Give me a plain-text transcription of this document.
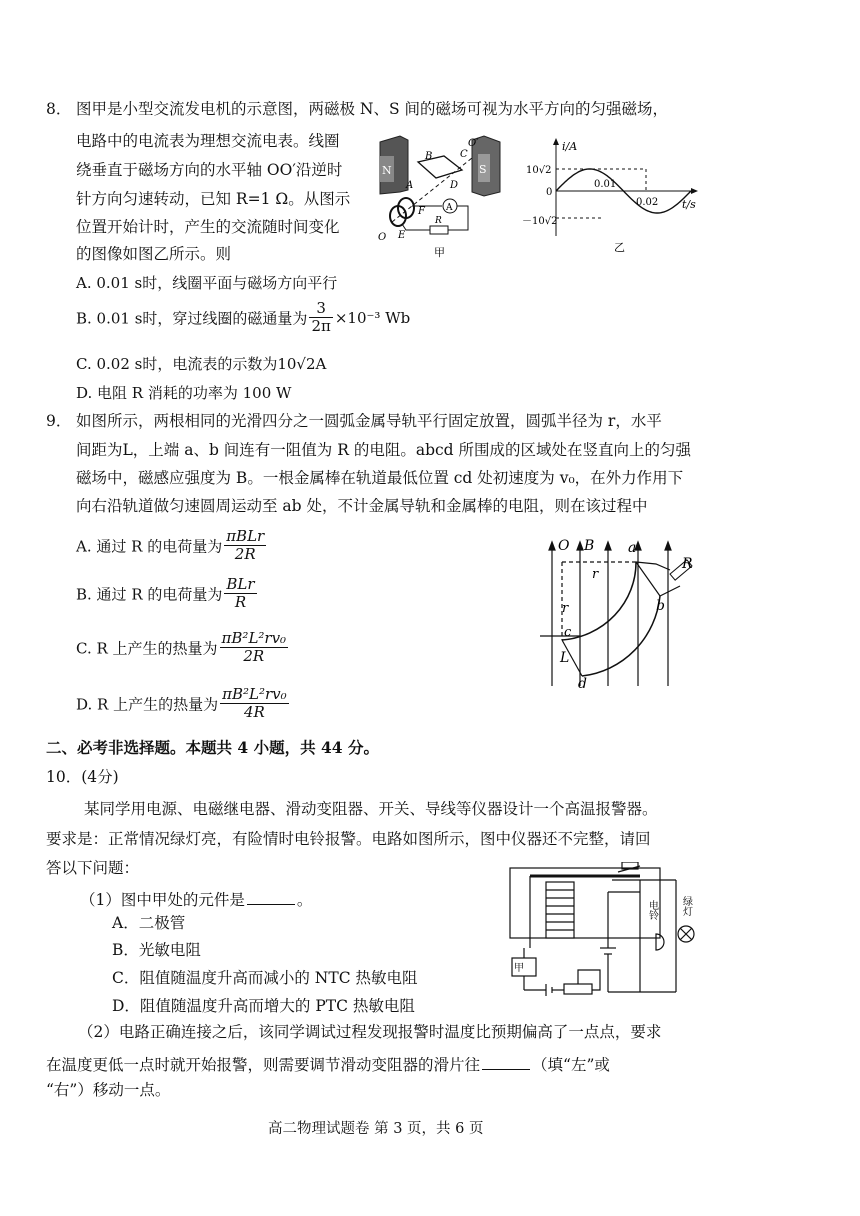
8． 图甲是小型交流发电机的示意图，两磁极 N、S 间的磁场可视为水平方向的匀强磁场，
电路中的电流表为理想交流电表。线圈
绕垂直于磁场方向的水平轴 OO′沿逆时
针方向匀速转动，已知 R=1 Ω。从图示
位置开始计时，产生的交流随时间变化
的图像如图乙所示。则
A. 0.01 s时，线圈平面与磁场方向平行
B. 0.01 s时，穿过线圈的磁通量为 $\frac{3}{2\pi} \times 10^{-3}$ Wb
C. 0.02 s时，电流表的示数为10√2A
D. 电阻 R 消耗的功率为 100 W
N	S
B	C
D
A
O′
O E
F A
R
甲
i/A
t/s
10√2
－10√2
0
0.01
0.02
乙
9． 如图所示，两根相同的光滑四分之一圆弧金属导轨平行固定放置，圆弧半径为 r，水平
间距为L，上端 a、b 间连有一阻值为 R 的电阻。abcd 所围成的区域处在竖直向上的匀强
磁场中，磁感应强度为 B。一根金属棒在轨道最低位置 cd 处初速度为 v₀，在外力作用下
向右沿轨道做匀速圆周运动至 ab 处，不计金属导轨和金属棒的电阻，则在该过程中
A. 通过 R 的电荷量为 $\frac{\text{πBLr}}{2R}$
B. 通过 R 的电荷量为 $\frac{\text{BLr}}{R}$
C. R 上产生的热量为 $\frac{\text{πB²L²rv₀}}{2R}$
D. R 上产生的热量为 $\frac{\text{πB²L²rv₀}}{4R}$
O B a
R
r
r	b
c
L
d
二、必考非选择题。本题共 4 小题，共 44 分。
10．(4分)
某同学用电源、电磁继电器、滑动变阻器、开关、导线等仪器设计一个高温报警器。
要求是：正常情况绿灯亮，有险情时电铃报警。电路如图所示，图中仪器还不完整，请回
答以下问题：
（1）图中甲处的元件是	。
A．二极管
B．光敏电阻
C．阻值随温度升高而减小的 NTC 热敏电阻
D．阻值随温度升高而增大的 PTC 热敏电阻
（2）电路正确连接之后，该同学调试过程发现报警时温度比预期偏高了一点点，要求
在温度更低一点时就开始报警，则需要调节滑动变阻器的滑片往	（填“左”或
“右”）移动一点。
甲
电铃 绿灯
高二物理试题卷 第 3 页，共 6 页
